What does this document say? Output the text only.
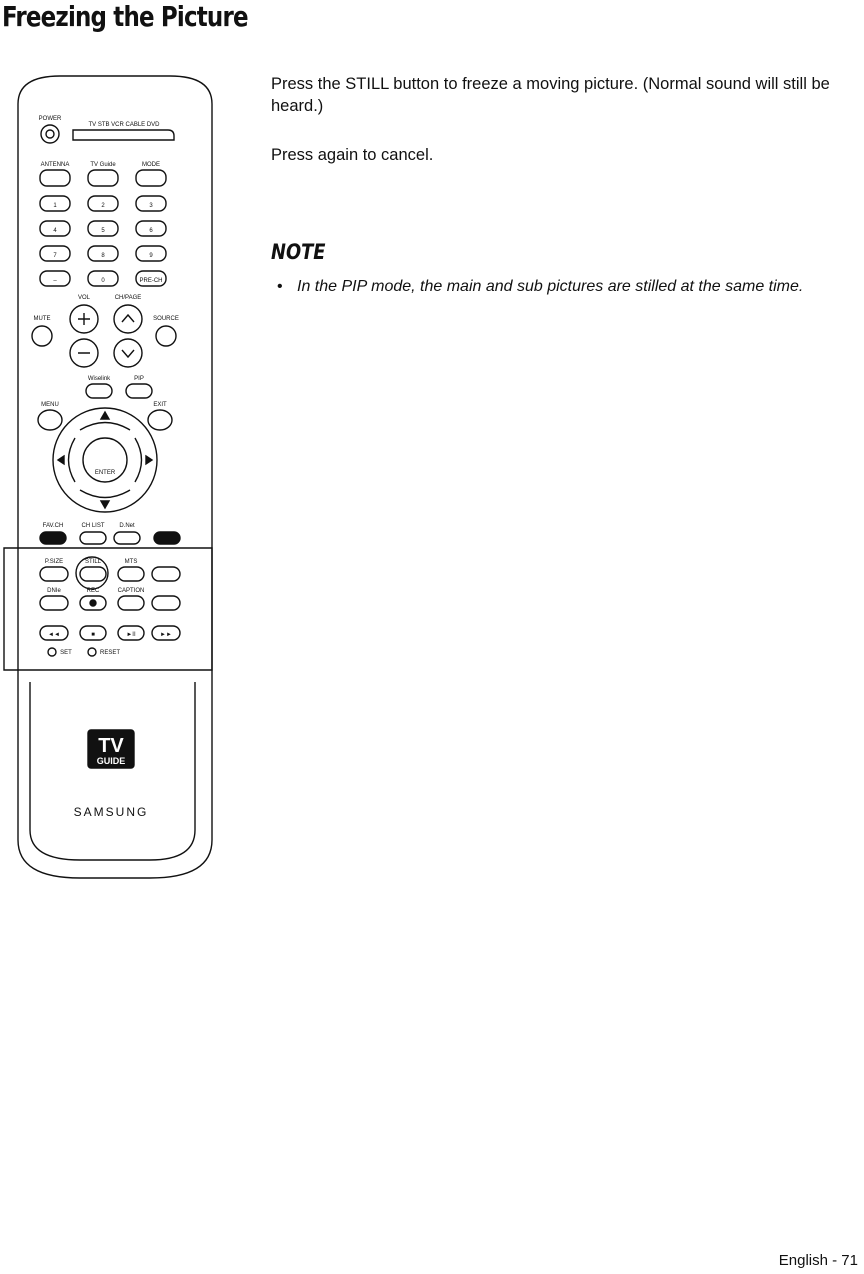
Freezing the Picture
POWER
TV STB VCR CABLE DVD
ANTENNA	TV Guide	MODE
1	2	3
4	5	6
7	8	9
–	0	PRE-CH
VOL	CH/PAGE
MUTE	SOURCE
Wiselink	PIP
MENU	EXIT
ENTER
FAV.CH	CH LIST D.Net
P.SIZE	STILL	MTS
DNIe	REC	CAPTION
◄◄	■	►II	►►
SET	RESET
TV
GUIDE
SAMSUNG
Press the STILL button to freeze a moving picture. (Normal sound will still be heard.)
Press again to cancel.
NOTE
• In the PIP mode, the main and sub pictures are stilled at the same time.
English - 71
